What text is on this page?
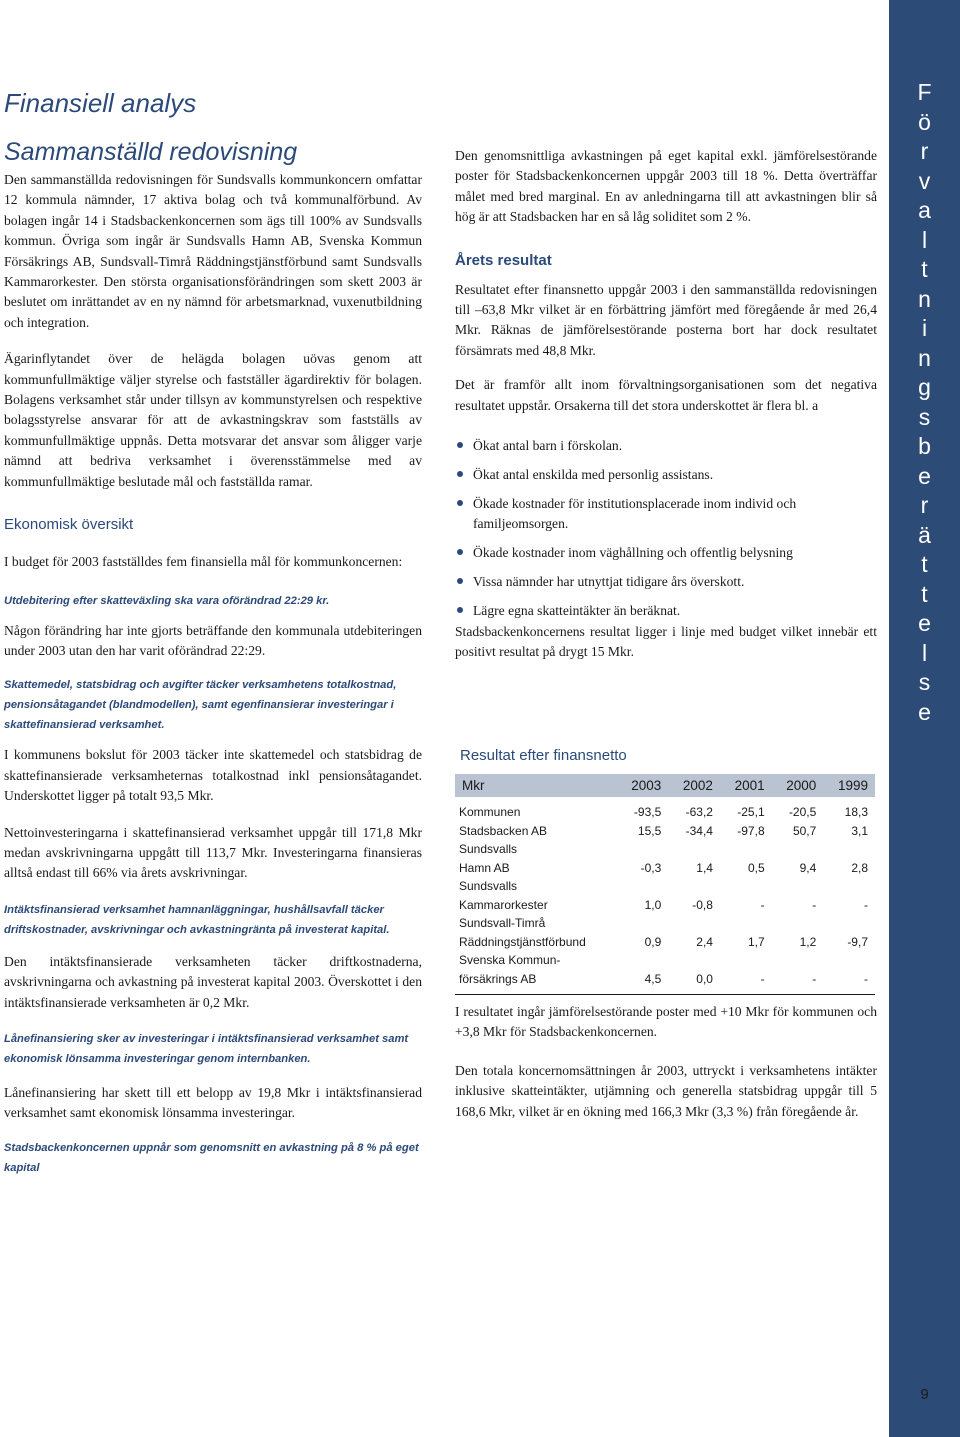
Finansiell analys
Sammanställd redovisning

Den sammanställda redovisningen för Sundsvalls kommunkoncern omfattar 12 kommula nämnder, 17 aktiva bolag och två kommunalförbund. Av bolagen ingår 14 i Stadsbackenkoncernen som ägs till 100% av Sundsvalls kommun. Övriga som ingår är Sundsvalls Hamn AB, Svenska Kommun Försäkrings AB, Sundsvall-Timrå Räddningstjänstförbund samt Sundsvalls Kammarorkester. Den största organisationsförändringen som skett 2003 är beslutet om inrättandet av en ny nämnd för arbetsmarknad, vuxenutbildning och integration.

Ägarinflytandet över de helägda bolagen uövas genom att kommunfullmäktige väljer styrelse och fastställer ägardirektiv för bolagen. Bolagens verksamhet står under tillsyn av kommunstyrelsen och respektive bolagsstyrelse ansvarar för att de avkastningskrav som fastställs av kommunfullmäktige uppnås. Detta motsvarar det ansvar som åligger varje nämnd att bedriva verksamhet i överensstämmelse med av kommunfullmäktige beslutade mål och fastställda ramar.

Ekonomisk översikt

I budget för 2003 fastställdes fem finansiella mål för kommunkoncernen:

Utdebitering efter skatteväxling ska vara oförändrad 22:29 kr.

Någon förändring har inte gjorts beträffande den kommunala utdebiteringen under 2003 utan den har varit oförändrad 22:29.

Skattemedel, statsbidrag och avgifter täcker verksamhetens totalkostnad, pensionsåtagandet (blandmodellen), samt egenfinansierar investeringar i skattefinansierad verksamhet.

I kommunens bokslut för 2003 täcker inte skattemedel och statsbidrag de skattefinansierade verksamheternas totalkostnad inkl pensionsåtagandet. Underskottet ligger på totalt 93,5 Mkr.

Nettoinvesteringarna i skattefinansierad verksamhet uppgår till 171,8 Mkr medan avskrivningarna uppgått till 113,7 Mkr. Investeringarna finansieras alltså endast till 66% via årets avskrivningar.

Intäktsfinansierad verksamhet hamnanläggningar, hushållsavfall täcker driftskostnader, avskrivningar och avkastningränta på investerat kapital.

Den intäktsfinansierade verksamheten täcker driftkostnaderna, avskrivningarna och avkastning på investerat kapital 2003. Överskottet i den intäktsfinansierade verksamheten är 0,2 Mkr.

Lånefinansiering sker av investeringar i intäktsfinansierad verksamhet samt ekonomisk lönsamma investeringar genom internbanken.

Lånefinansiering har skett till ett belopp av 19,8 Mkr i intäktsfinansierad verksamhet samt ekonomisk lönsamma investeringar.

Stadsbackenkoncernen uppnår som genomsnitt en avkastning på 8 % på eget kapital

Den genomsnittliga avkastningen på eget kapital exkl. jämförelsestörande poster för Stadsbackenkoncernen uppgår 2003 till 18 %. Detta överträffar målet med bred marginal. En av anledningarna till att avkastningen blir så hög är att Stadsbacken har en så låg soliditet som 2 %.

Årets resultat

Resultatet efter finansnetto uppgår 2003 i den sammanställda redovisningen till –63,8 Mkr vilket är en förbättring jämfört med föregående år med 26,4 Mkr. Räknas de jämförelsestörande posterna bort har dock resultatet försämrats med 48,8 Mkr.

Det är framför allt inom förvaltningsorganisationen som det negativa resultatet uppstår. Orsakerna till det stora underskottet är flera bl. a

Ökat antal barn i förskolan.
Ökat antal enskilda med personlig assistans.
Ökade kostnader för institutionsplacerade inom individ och familjeomsorgen.
Ökade kostnader inom väghållning och offentlig belysning
Vissa nämnder har utnyttjat tidigare års överskott.
Lägre egna skatteintäkter än beräknat.

Stadsbackenkoncernens resultat ligger i linje med budget vilket innebär ett positivt resultat på drygt 15 Mkr.

Resultat efter finansnetto
Mkr	2003	2002	2001	2000	1999
Kommunen	-93,5	-63,2	-25,1	-20,5	18,3
Stadsbacken AB	15,5	-34,4	-97,8	50,7	3,1
Sundsvalls					
Hamn AB	-0,3	1,4	0,5	9,4	2,8
Sundsvalls					
Kammarorkester	1,0	-0,8	-	-	-
Sundsvall-Timrå					
Räddningstjänstförbund	0,9	2,4	1,7	1,2	-9,7
Svenska Kommun-					
försäkrings AB	4,5	0,0	-	-	-

I resultatet ingår jämförelsestörande poster med +10 Mkr för kommunen och +3,8 Mkr för Stadsbackenkoncernen.

Den totala koncernomsättningen år 2003, uttryckt i verksamhetens intäkter inklusive skatteintäkter, utjämning och generella statsbidrag uppgår till 5 168,6 Mkr, vilket är en ökning med 166,3 Mkr (3,3 %) från föregående år.

F
ö
r
v
a
l
t
n
i
n
g
s
b
e
r
ä
t
t
e
l
s
e
9
